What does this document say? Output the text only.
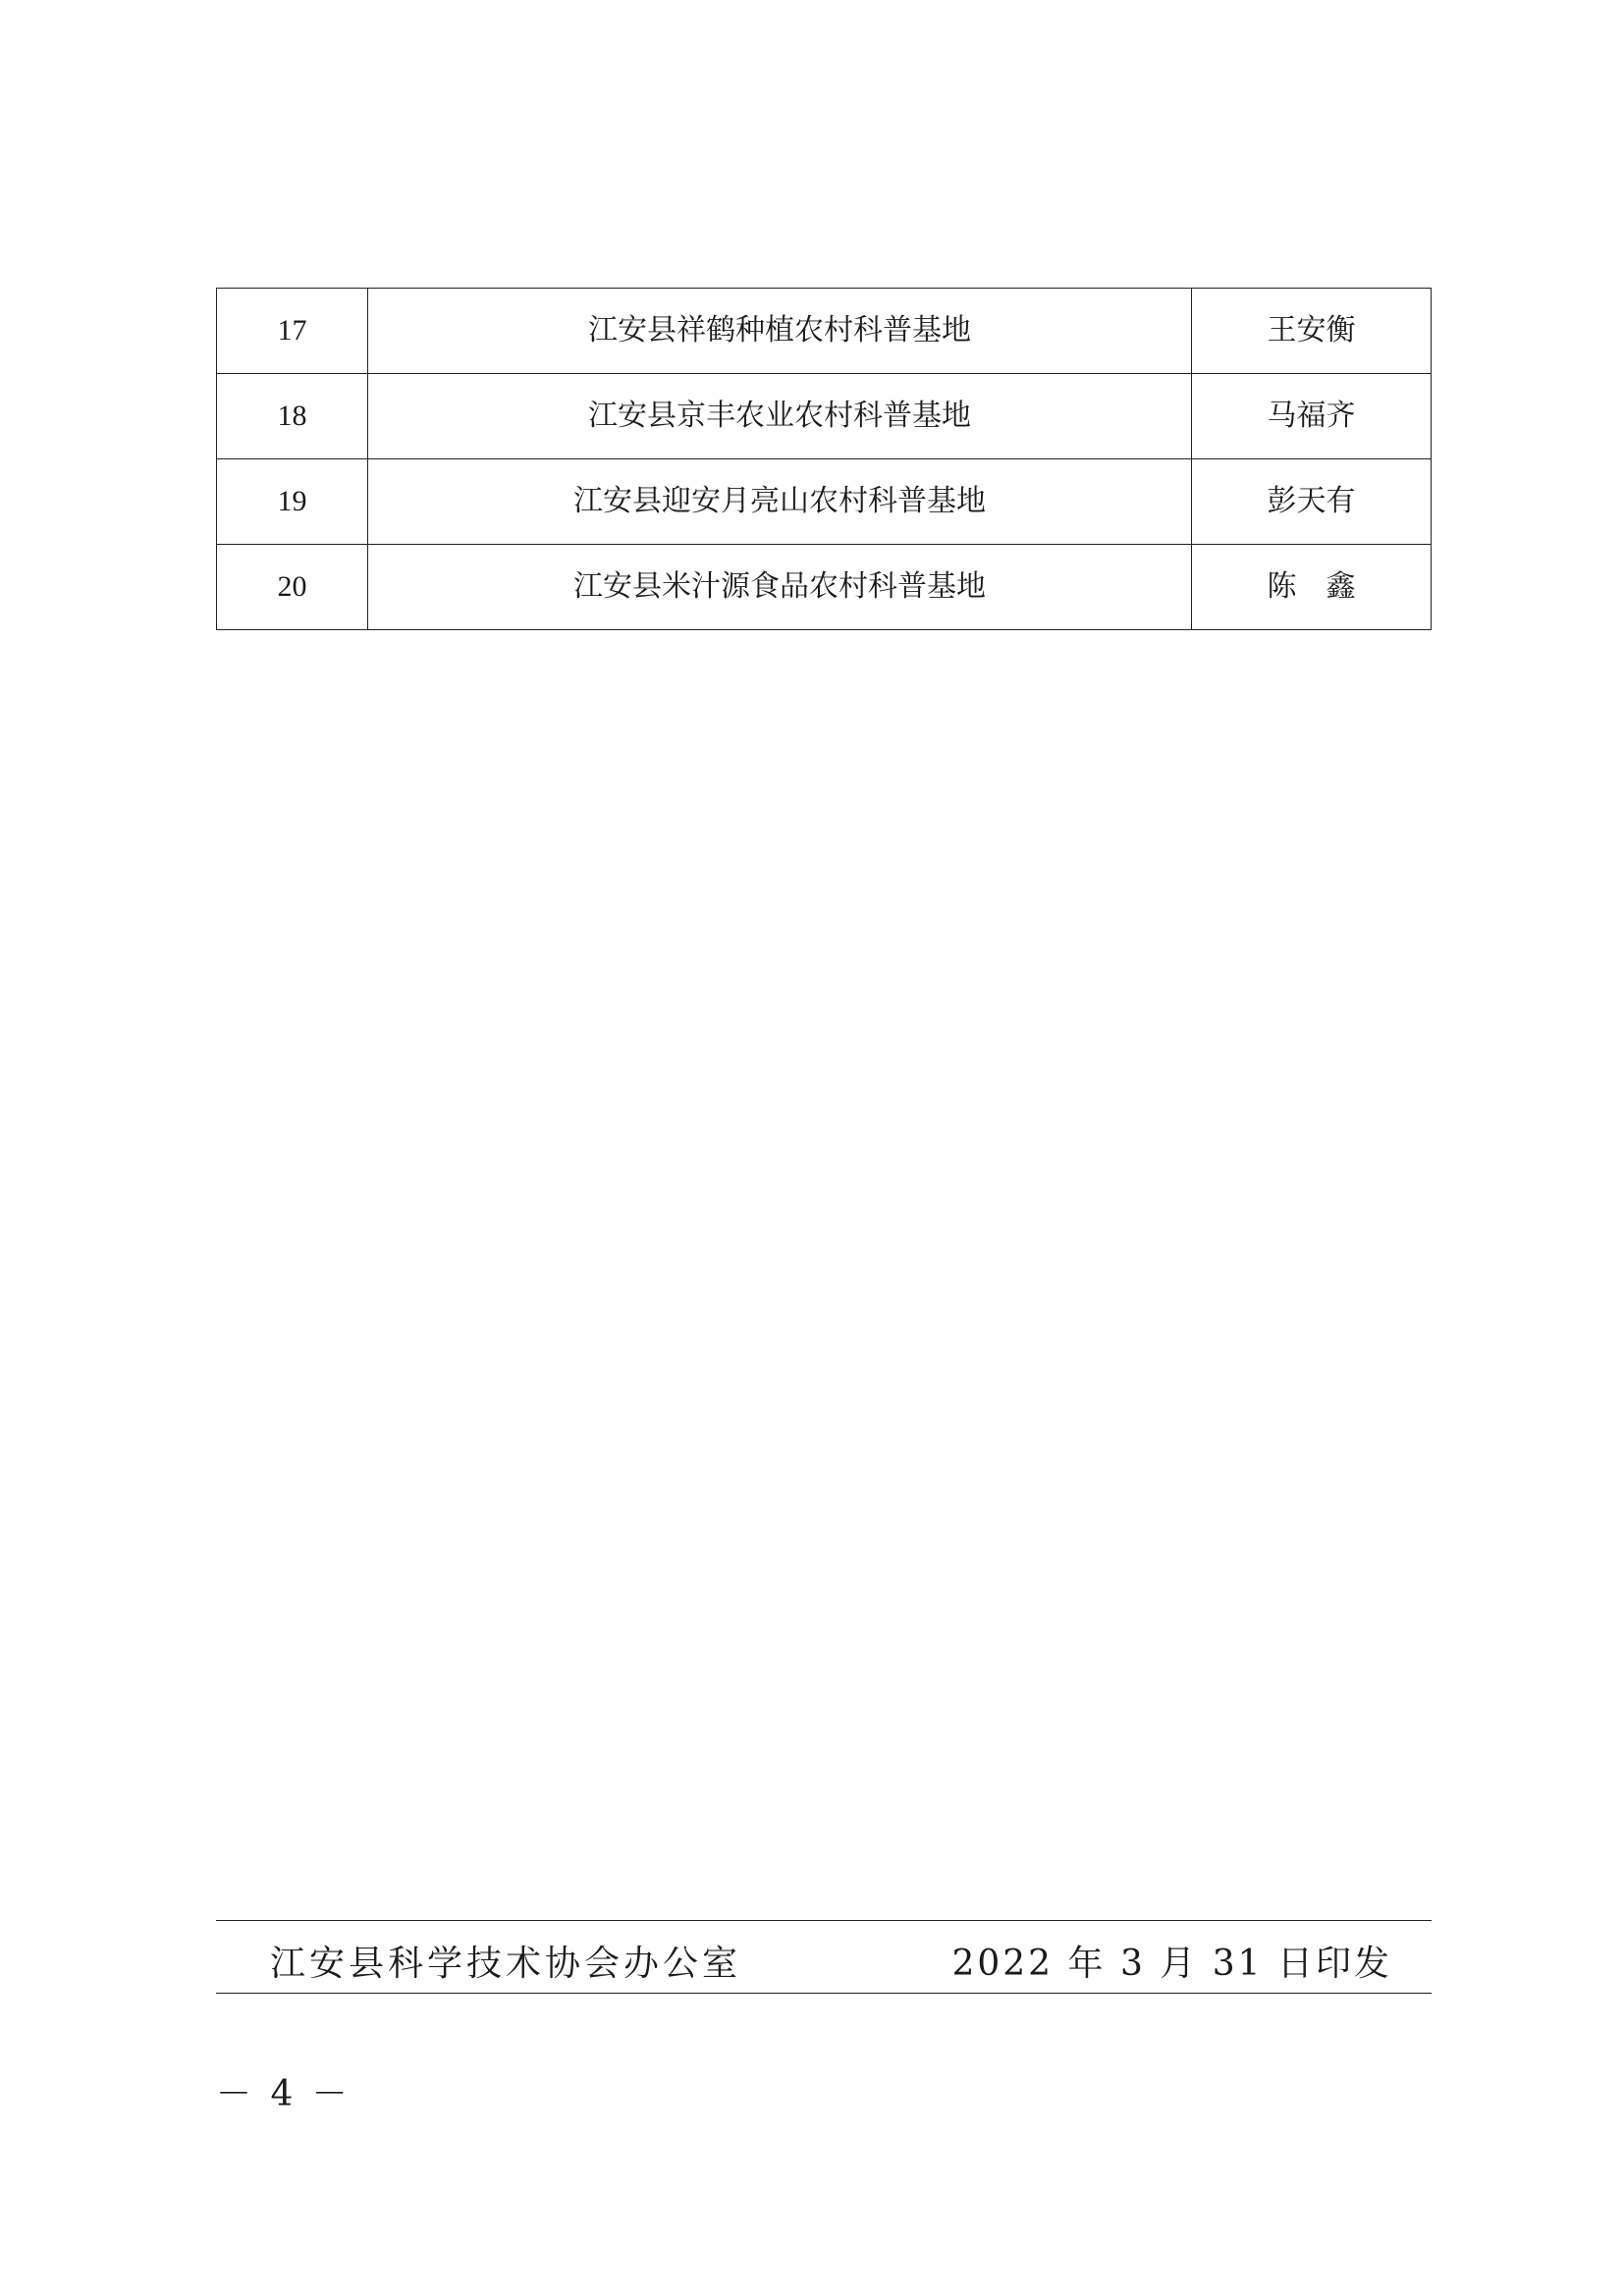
17	江安县祥鹤种植农村科普基地	王安衡
18	江安县京丰农业农村科普基地	马福齐
19	江安县迎安月亮山农村科普基地	彭天有
20	江安县米汁源食品农村科普基地	陈　鑫
江安县科学技术协会办公室	2022 年 3 月 31 日印发
－ 4 －
